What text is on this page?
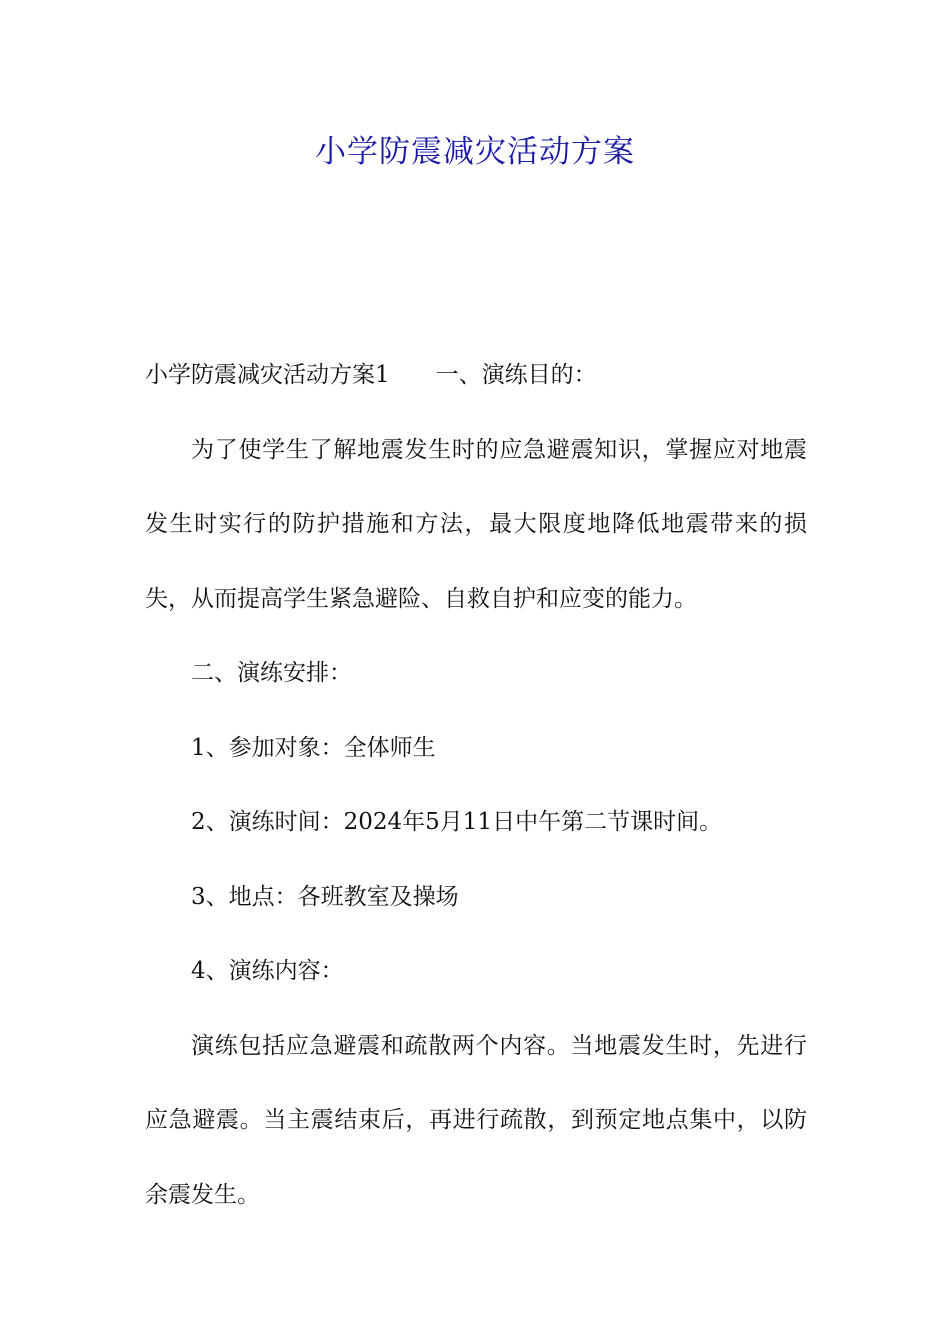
小学防震减灾活动方案

小学防震减灾活动方案1 一、演练目的：

为了使学生了解地震发生时的应急避震知识，掌握应对地震发生时实行的防护措施和方法，最大限度地降低地震带来的损失，从而提高学生紧急避险、自救自护和应变的能力。

二、演练安排：

1、参加对象：全体师生

2、演练时间：2024年5月11日中午第二节课时间。

3、地点：各班教室及操场

4、演练内容：

演练包括应急避震和疏散两个内容。当地震发生时，先进行应急避震。当主震结束后，再进行疏散，到预定地点集中，以防余震发生。
